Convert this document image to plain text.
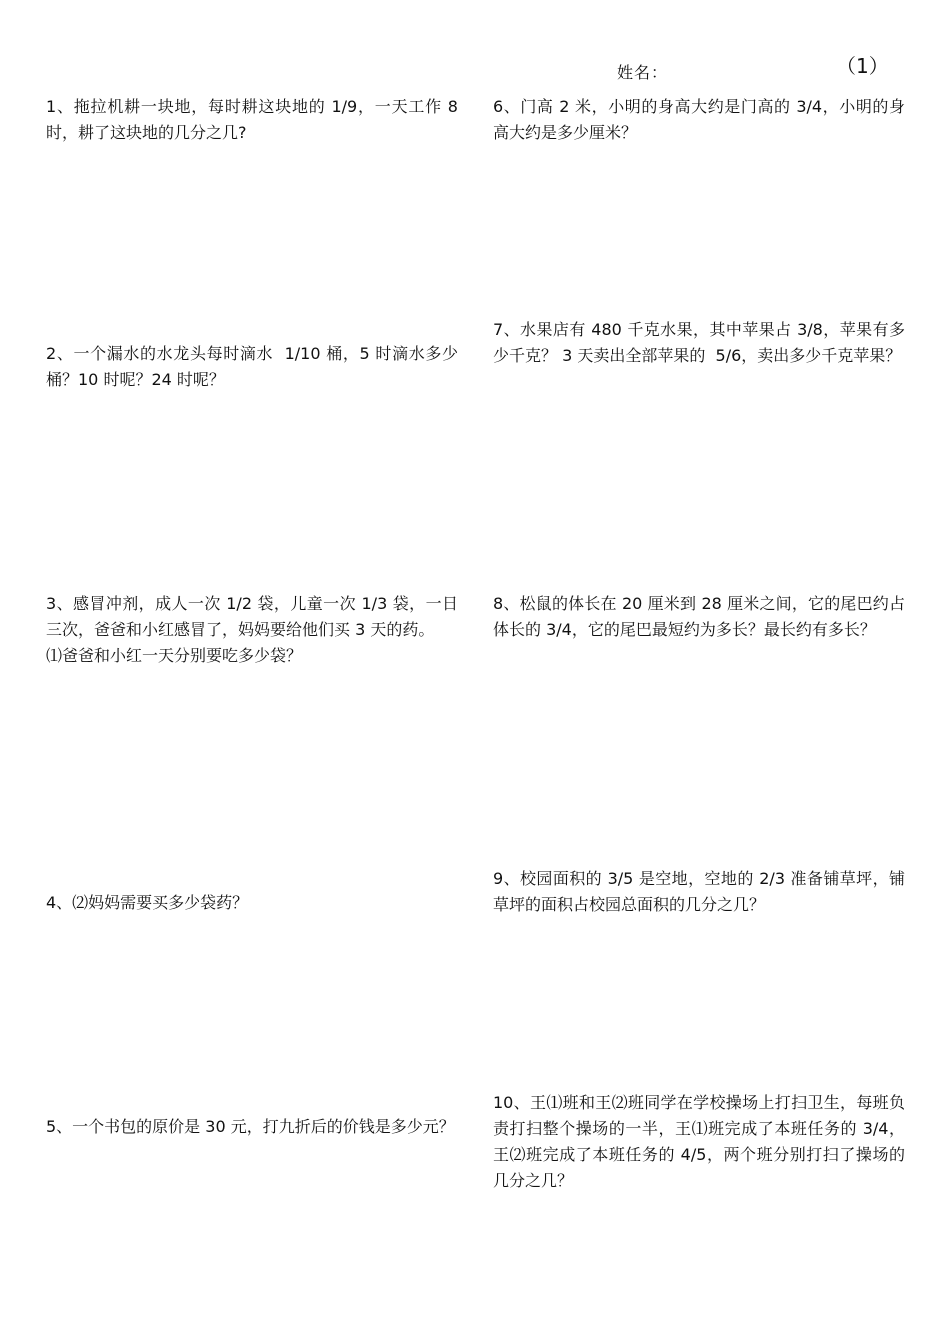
姓名：	（1）
1、拖拉机耕一块地，每时耕这块地的 1/9，一天工作 8 时，耕了这块地的几分之几?
2、一个漏水的水龙头每时滴水  1/10 桶，5 时滴水多少桶？10 时呢？24 时呢？
3、感冒冲剂，成人一次 1/2 袋，儿童一次 1/3 袋，一日三次，爸爸和小红感冒了，妈妈要给他们买 3 天的药。
⑴爸爸和小红一天分别要吃多少袋？
4、⑵妈妈需要买多少袋药？
5、一个书包的原价是 30 元，打九折后的价钱是多少元？
6、门高 2 米，小明的身高大约是门高的 3/4，小明的身高大约是多少厘米？
7、水果店有 480 千克水果，其中苹果占 3/8，苹果有多少千克？ 3 天卖出全部苹果的  5/6，卖出多少千克苹果？
8、松鼠的体长在 20 厘米到 28 厘米之间，它的尾巴约占体长的 3/4，它的尾巴最短约为多长？最长约有多长？
9、校园面积的 3/5 是空地，空地的 2/3 准备铺草坪，铺草坪的面积占校园总面积的几分之几？
10、王⑴班和王⑵班同学在学校操场上打扫卫生，每班负责打扫整个操场的一半，王⑴班完成了本班任务的 3/4，王⑵班完成了本班任务的 4/5，两个班分别打扫了操场的几分之几？
